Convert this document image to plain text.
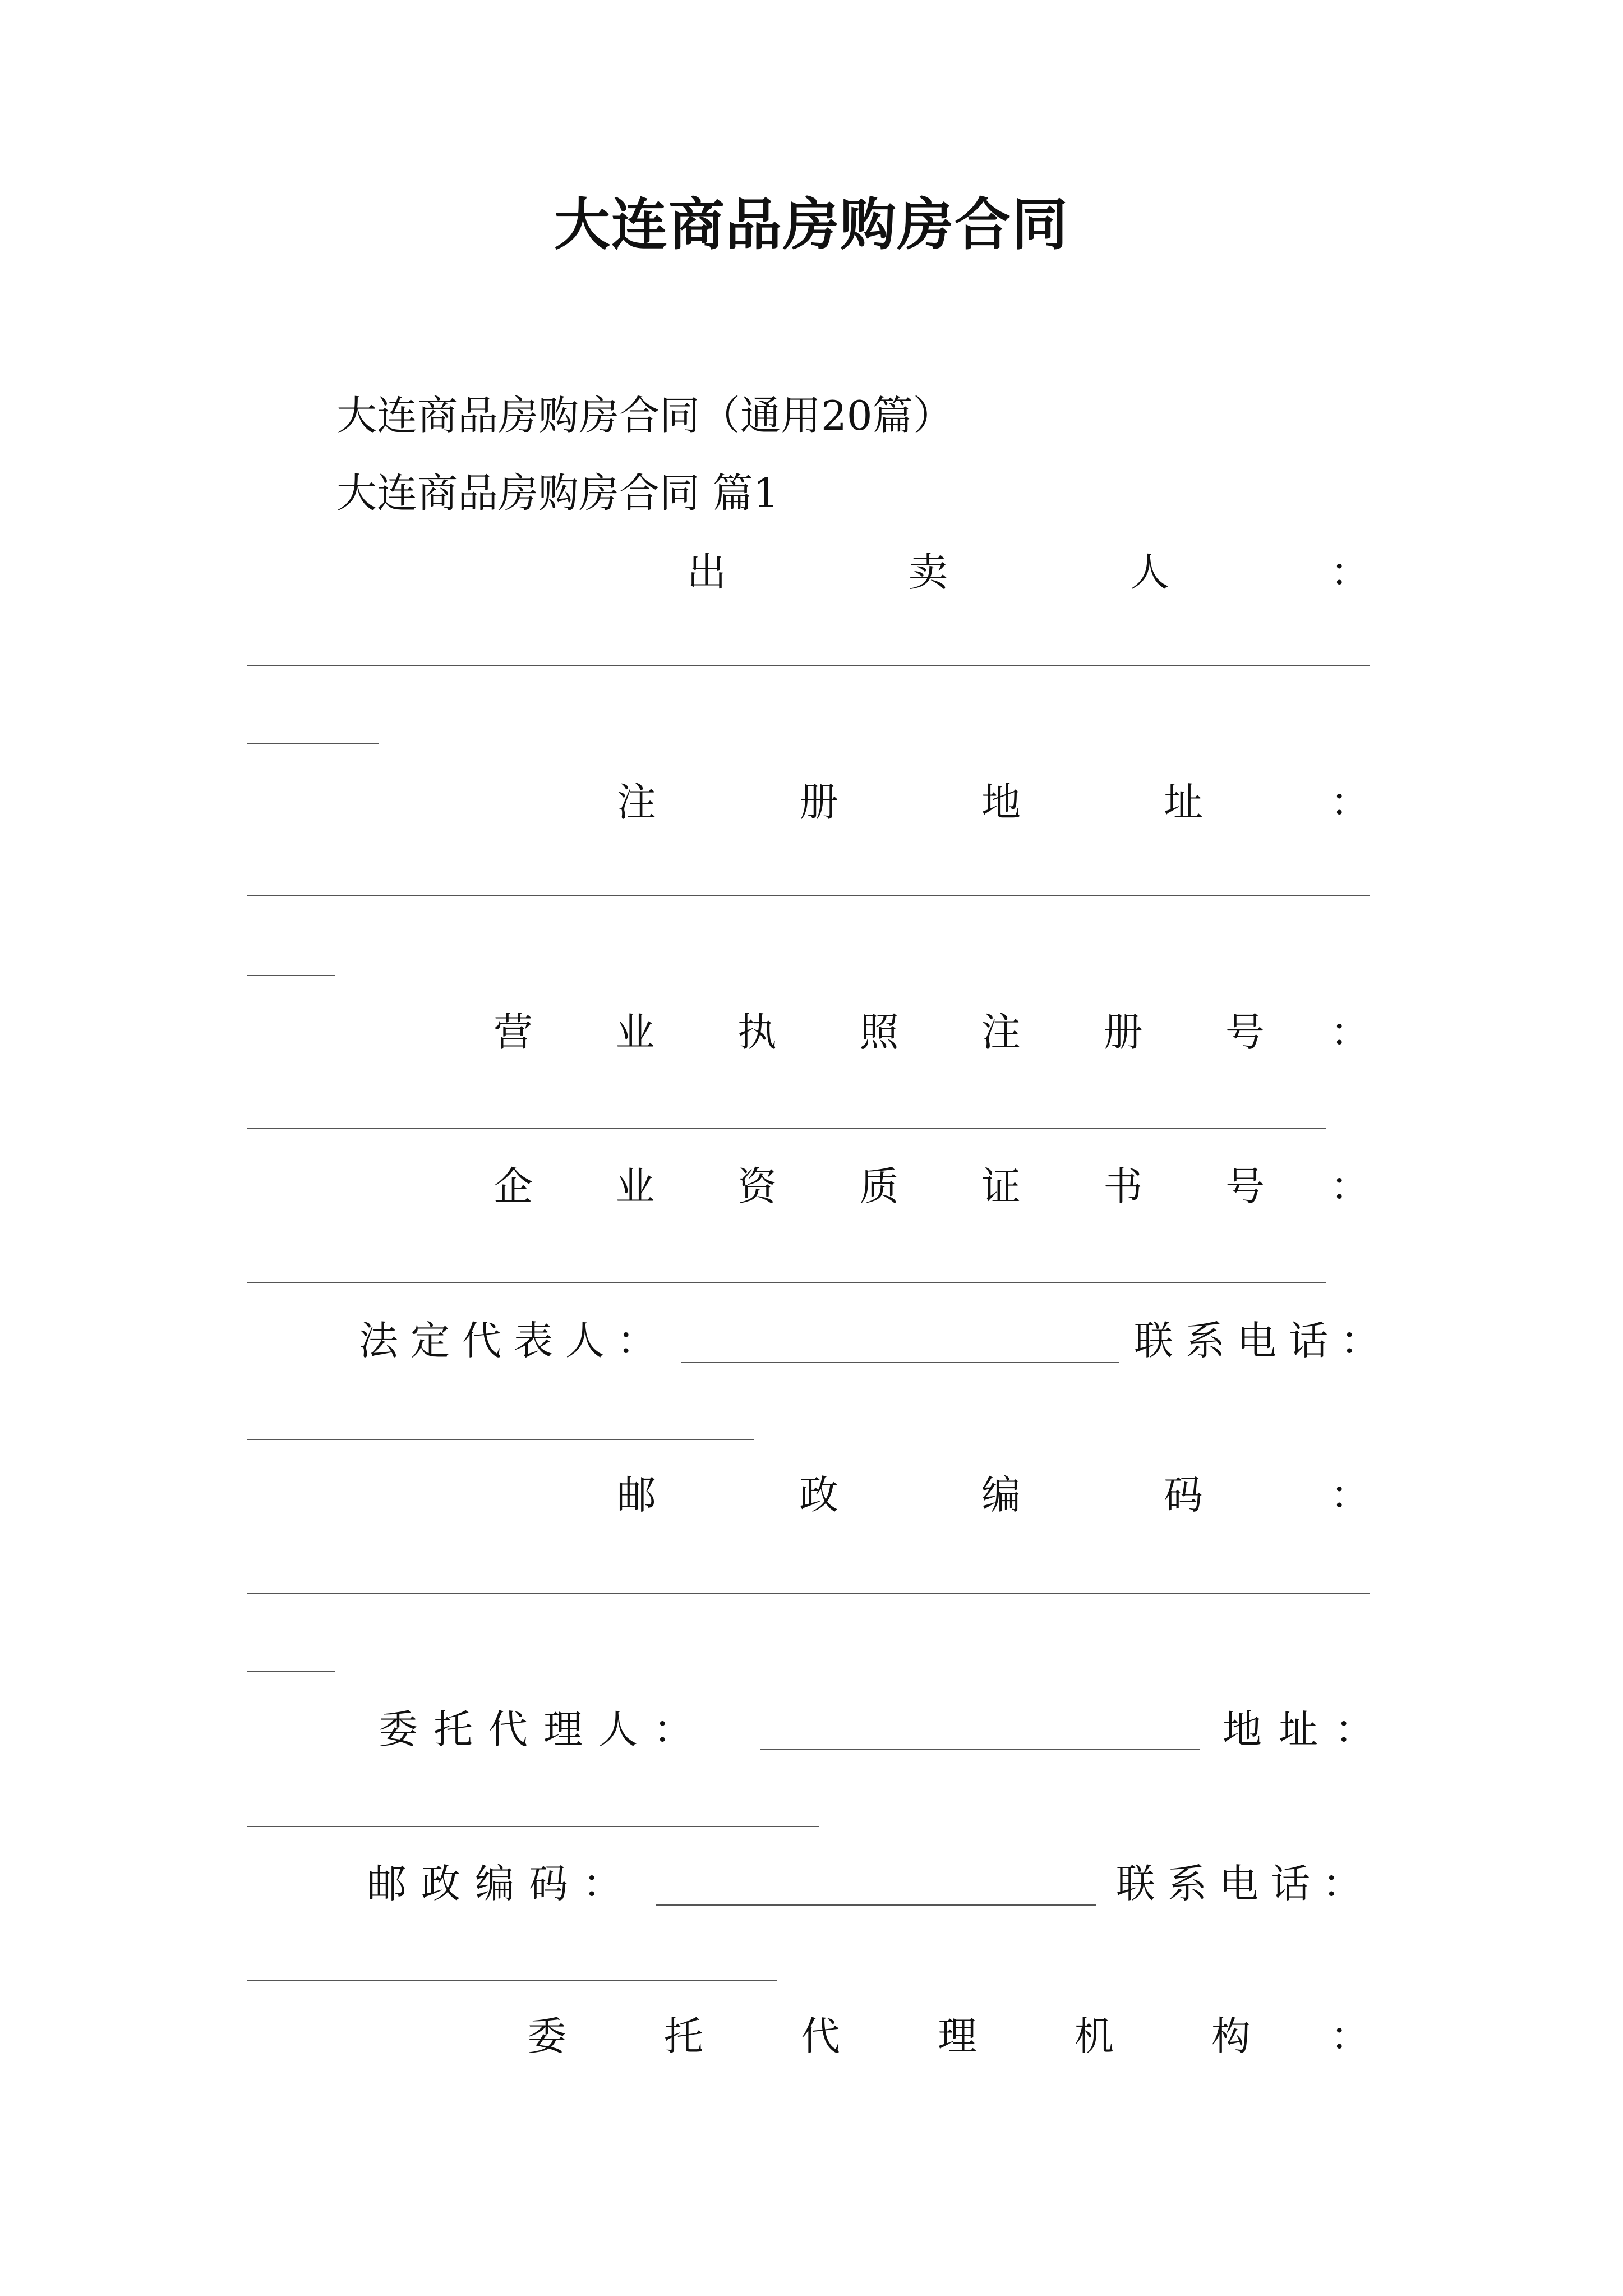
大连商品房购房合同
大连商品房购房合同（通用20篇）
大连商品房购房合同 篇1
出	卖	人	：
注	册	地	址	：
营 业 执 照 注 册 号 ：
企 业 资 质 证 书 号 ：
法定代表人：	联系电话：
邮	政	编	码	：
委托代理人：	地址：
邮政编码：	联系电话：
委 托 代 理 机 构 ：
